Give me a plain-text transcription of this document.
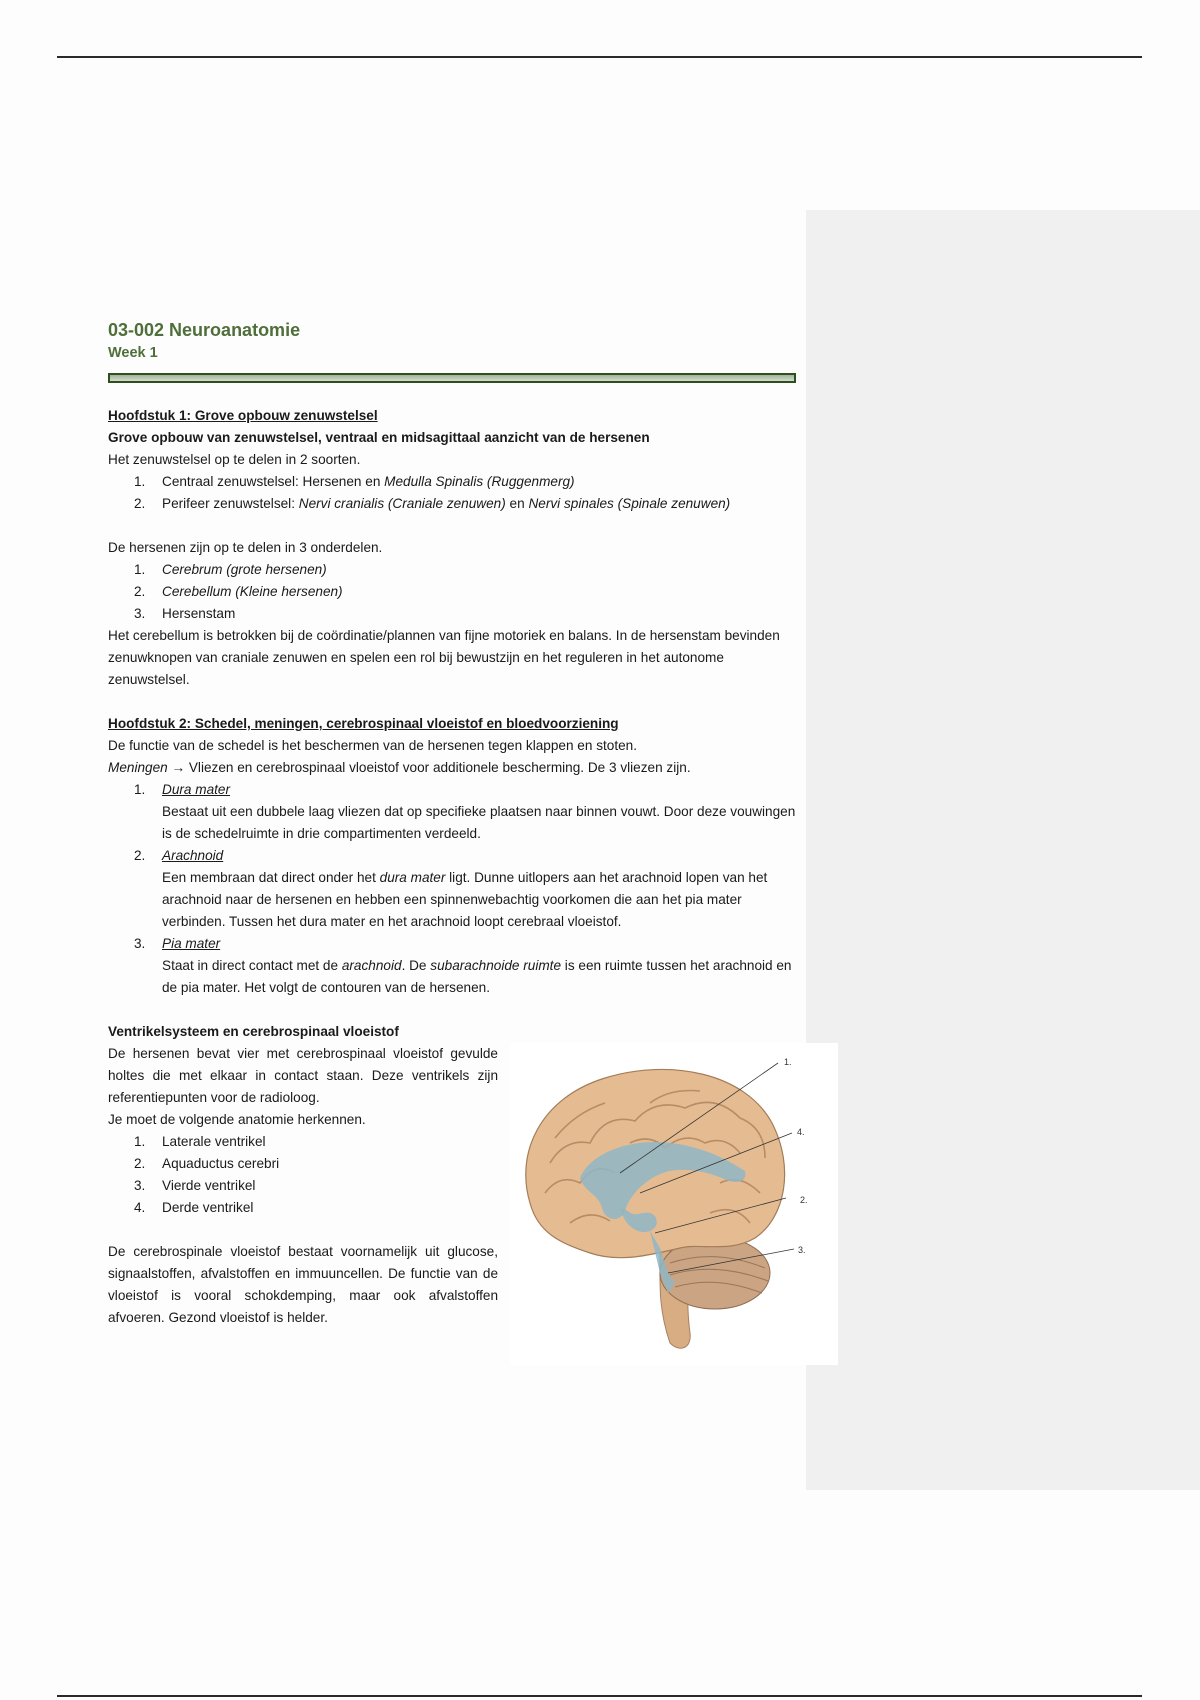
03-002 Neuroanatomie
Week 1

Hoofdstuk 1: Grove opbouw zenuwstelsel

Grove opbouw van zenuwstelsel, ventraal en midsagittaal aanzicht van de hersenen

Het zenuwstelsel op te delen in 2 soorten.

1. Centraal zenuwstelsel: Hersenen en Medulla Spinalis (Ruggenmerg)
2. Perifeer zenuwstelsel: Nervi cranialis (Craniale zenuwen) en Nervi spinales (Spinale zenuwen)

De hersenen zijn op te delen in 3 onderdelen.

1. Cerebrum (grote hersenen)
2. Cerebellum (Kleine hersenen)
3. Hersenstam

Het cerebellum is betrokken bij de coördinatie/plannen van fijne motoriek en balans. In de hersenstam bevinden zenuwknopen van craniale zenuwen en spelen een rol bij bewustzijn en het reguleren in het autonome zenuwstelsel.

Hoofdstuk 2: Schedel, meningen, cerebrospinaal vloeistof en bloedvoorziening

De functie van de schedel is het beschermen van de hersenen tegen klappen en stoten.

Meningen → Vliezen en cerebrospinaal vloeistof voor additionele bescherming. De 3 vliezen zijn.

1. Dura mater
Bestaat uit een dubbele laag vliezen dat op specifieke plaatsen naar binnen vouwt. Door deze vouwingen is de schedelruimte in drie compartimenten verdeeld.
2. Arachnoid
Een membraan dat direct onder het dura mater ligt. Dunne uitlopers aan het arachnoid lopen van het arachnoid naar de hersenen en hebben een spinnenwebachtig voorkomen die aan het pia mater verbinden. Tussen het dura mater en het arachnoid loopt cerebraal vloeistof.
3. Pia mater
Staat in direct contact met de arachnoid. De subarachnoide ruimte is een ruimte tussen het arachnoid en de pia mater. Het volgt de contouren van de hersenen.

Ventrikelsysteem en cerebrospinaal vloeistof

De hersenen bevat vier met cerebrospinaal vloeistof gevulde holtes die met elkaar in contact staan. Deze ventrikels zijn referentiepunten voor de radioloog.

Je moet de volgende anatomie herkennen.

1. Laterale ventrikel
2. Aquaductus cerebri
3. Vierde ventrikel
4. Derde ventrikel

De cerebrospinale vloeistof bestaat voornamelijk uit glucose, signaalstoffen, afvalstoffen en immuuncellen. De functie van de vloeistof is vooral schokdemping, maar ook afvalstoffen afvoeren. Gezond vloeistof is helder.

1.
4.
2.
3.
